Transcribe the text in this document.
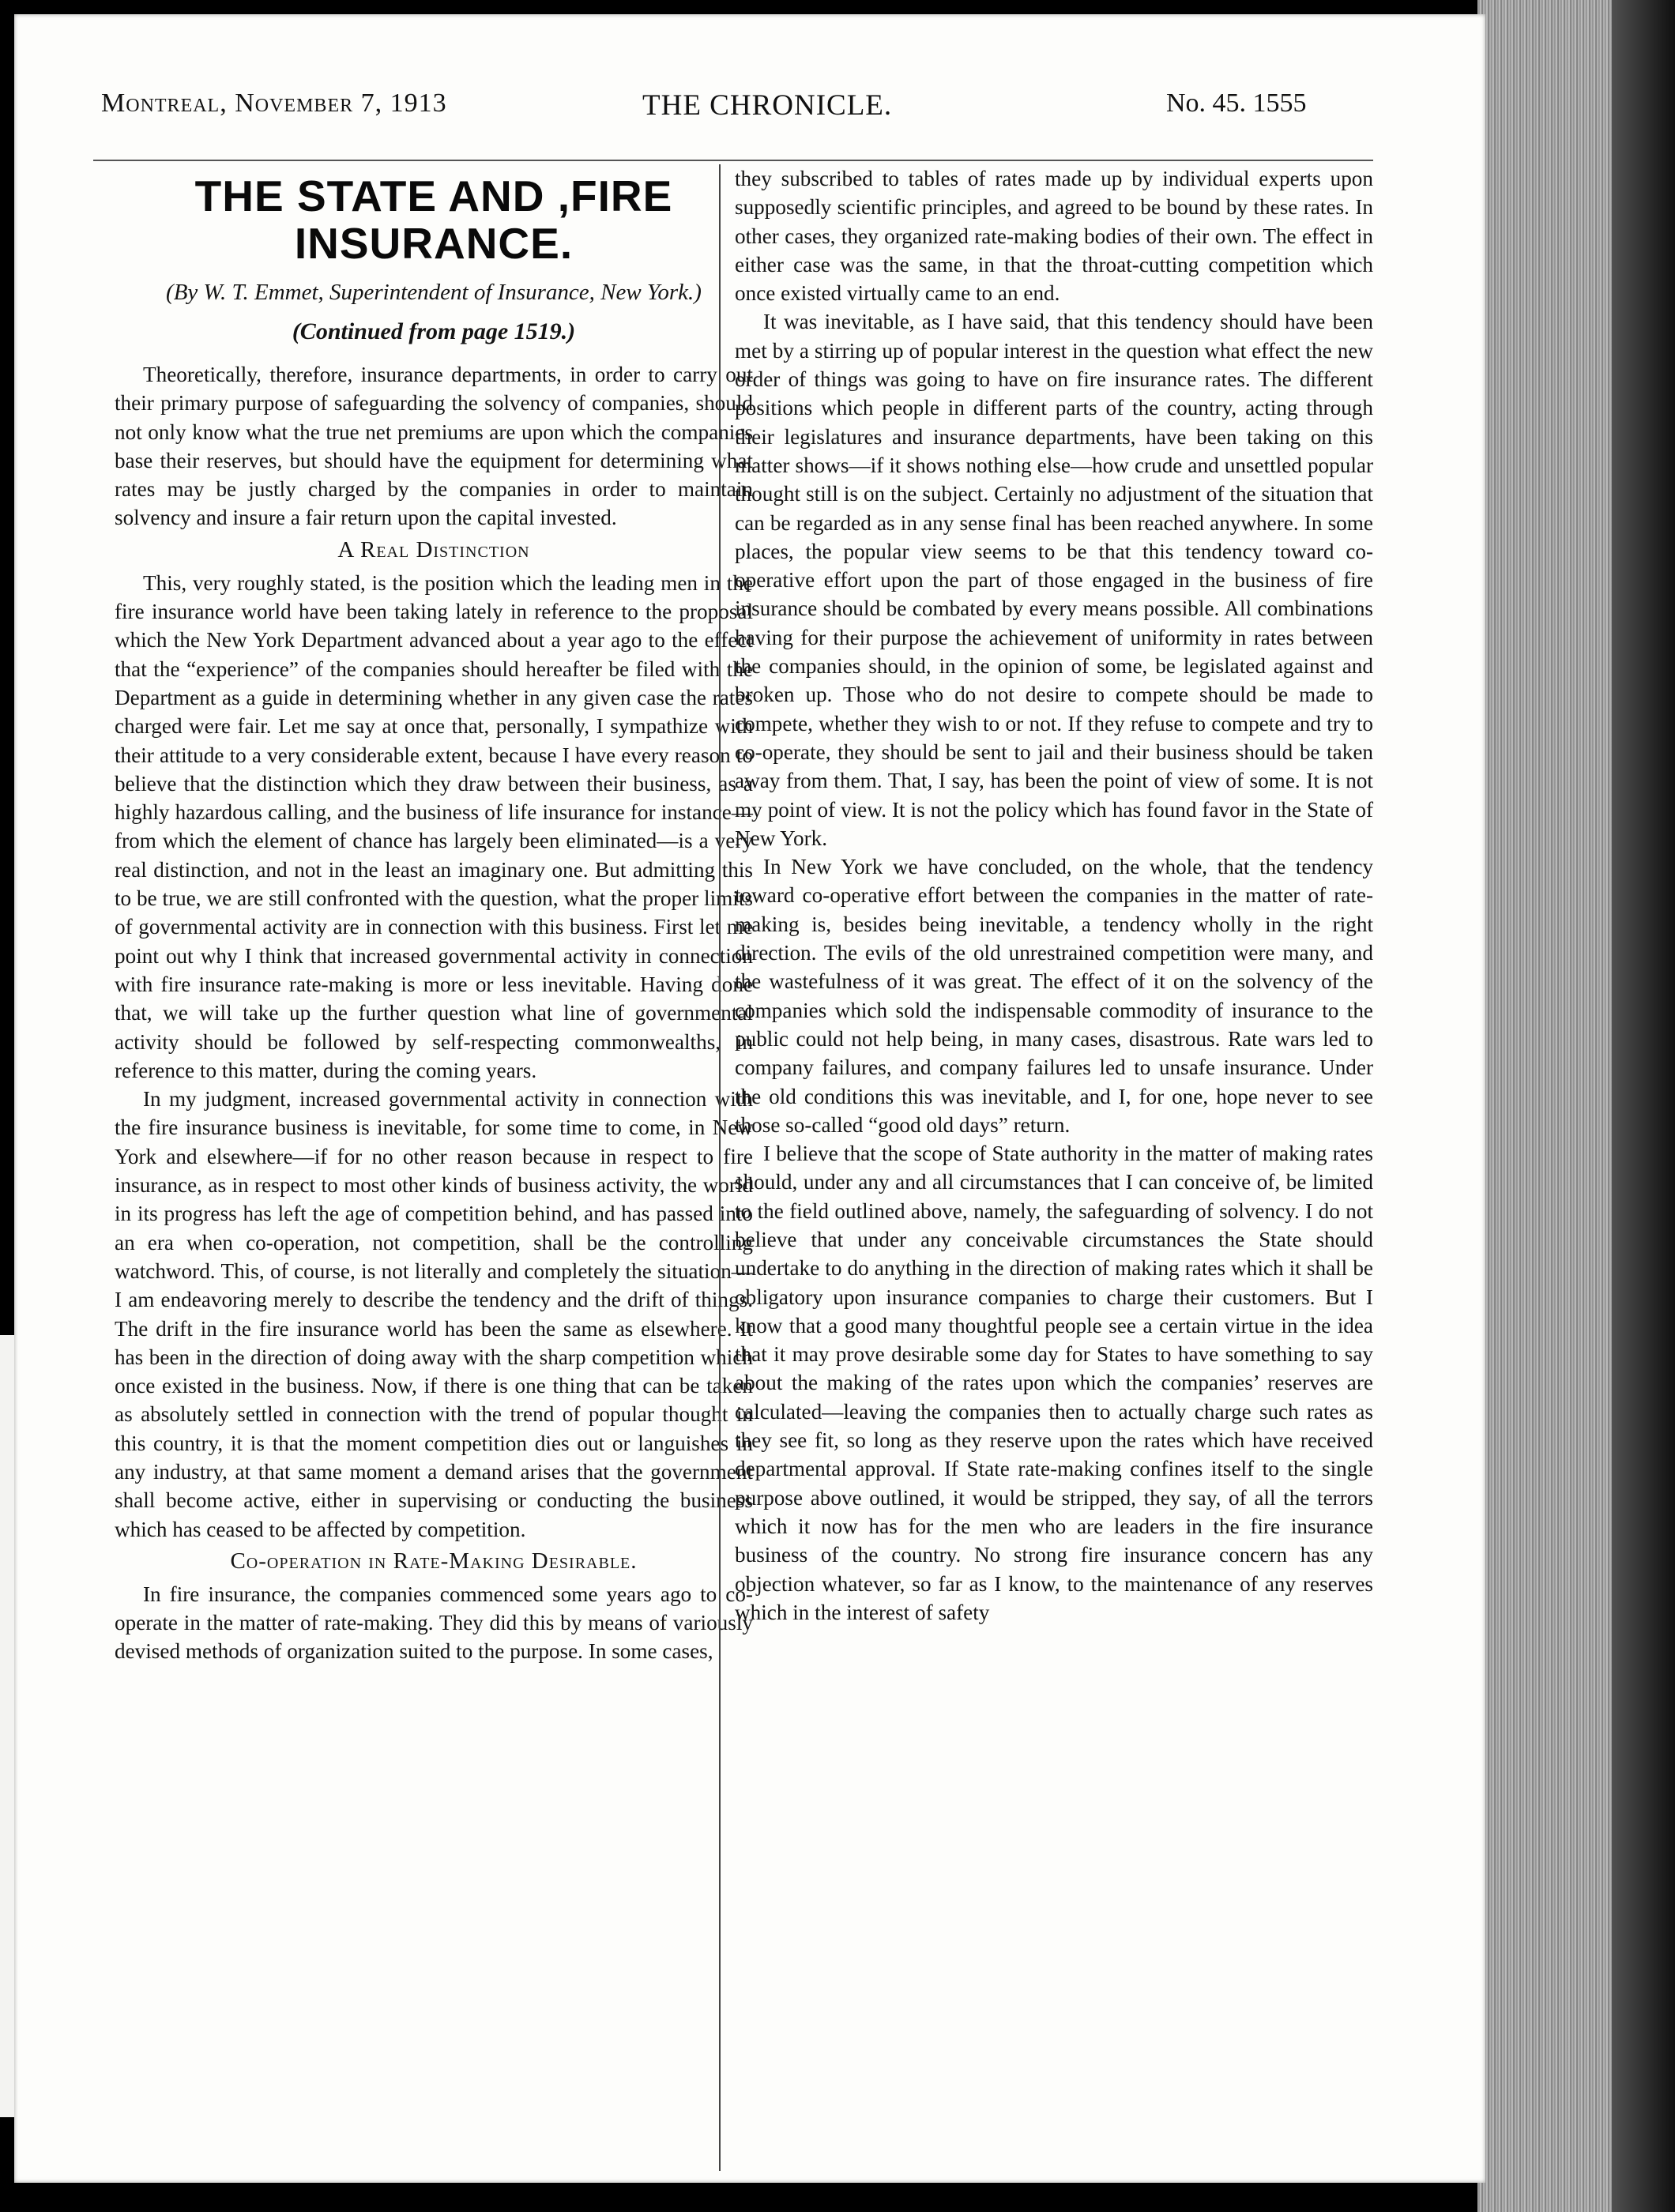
Montreal, November 7, 1913	THE CHRONICLE.	No. 45. 1555
THE STATE AND ,FIRE
INSURANCE.
(By W. T. Emmet, Superintendent of Insurance, New York.)
(Continued from page 1519.)

Theoretically, therefore, insurance departments, in order to carry out their primary purpose of safeguarding the solvency of companies, should not only know what the true net premiums are upon which the companies base their reserves, but should have the equipment for determining what rates may be justly charged by the companies in order to maintain solvency and insure a fair return upon the capital invested.

A Real Distinction

This, very roughly stated, is the position which the leading men in the fire insurance world have been taking lately in reference to the proposal which the New York Department advanced about a year ago to the effect that the “experience” of the companies should hereafter be filed with the Department as a guide in determining whether in any given case the rates charged were fair. Let me say at once that, personally, I sympathize with their attitude to a very considerable extent, because I have every reason to believe that the distinction which they draw between their business, as a highly hazardous calling, and the business of life insurance for instance—from which the element of chance has largely been eliminated—is a very real distinction, and not in the least an imaginary one. But admitting this to be true, we are still confronted with the question, what the proper limits of governmental activity are in connection with this business. First let me point out why I think that increased governmental activity in connection with fire insurance rate-making is more or less inevitable. Having done that, we will take up the further question what line of governmental activity should be followed by self-respecting commonwealths, in reference to this matter, during the coming years.

In my judgment, increased governmental activity in connection with the fire insurance business is inevitable, for some time to come, in New York and elsewhere—if for no other reason because in respect to fire insurance, as in respect to most other kinds of business activity, the world in its progress has left the age of competition behind, and has passed into an era when co-operation, not competition, shall be the controlling watchword. This, of course, is not literally and completely the situation—I am endeavoring merely to describe the tendency and the drift of things. The drift in the fire insurance world has been the same as elsewhere. It has been in the direction of doing away with the sharp competition which once existed in the business. Now, if there is one thing that can be taken as absolutely settled in connection with the trend of popular thought in this country, it is that the moment competition dies out or languishes in any industry, at that same moment a demand arises that the government shall become active, either in supervising or conducting the business which has ceased to be affected by competition.

Co-operation in Rate-Making Desirable.

In fire insurance, the companies commenced some years ago to co-operate in the matter of rate-making. They did this by means of variously devised methods of organization suited to the purpose. In some cases,

they subscribed to tables of rates made up by individual experts upon supposedly scientific principles, and agreed to be bound by these rates. In other cases, they organized rate-making bodies of their own. The effect in either case was the same, in that the throat-cutting competition which once existed virtually came to an end.

It was inevitable, as I have said, that this tendency should have been met by a stirring up of popular interest in the question what effect the new order of things was going to have on fire insurance rates. The different positions which people in different parts of the country, acting through their legislatures and insurance departments, have been taking on this matter shows—if it shows nothing else—how crude and unsettled popular thought still is on the subject. Certainly no adjustment of the situation that can be regarded as in any sense final has been reached anywhere. In some places, the popular view seems to be that this tendency toward co-operative effort upon the part of those engaged in the business of fire insurance should be combated by every means possible. All combinations having for their purpose the achievement of uniformity in rates between the companies should, in the opinion of some, be legislated against and broken up. Those who do not desire to compete should be made to compete, whether they wish to or not. If they refuse to compete and try to co-operate, they should be sent to jail and their business should be taken away from them. That, I say, has been the point of view of some. It is not my point of view. It is not the policy which has found favor in the State of New York.

In New York we have concluded, on the whole, that the tendency toward co-operative effort between the companies in the matter of rate-making is, besides being inevitable, a tendency wholly in the right direction. The evils of the old unrestrained competition were many, and the wastefulness of it was great. The effect of it on the solvency of the companies which sold the indispensable commodity of insurance to the public could not help being, in many cases, disastrous. Rate wars led to company failures, and company failures led to unsafe insurance. Under the old conditions this was inevitable, and I, for one, hope never to see those so-called “good old days” return.

I believe that the scope of State authority in the matter of making rates should, under any and all circumstances that I can conceive of, be limited to the field outlined above, namely, the safeguarding of solvency. I do not believe that under any conceivable circumstances the State should undertake to do anything in the direction of making rates which it shall be obligatory upon insurance companies to charge their customers. But I know that a good many thoughtful people see a certain virtue in the idea that it may prove desirable some day for States to have something to say about the making of the rates upon which the companies’ reserves are calculated—leaving the companies then to actually charge such rates as they see fit, so long as they reserve upon the rates which have received departmental approval. If State rate-making confines itself to the single purpose above outlined, it would be stripped, they say, of all the terrors which it now has for the men who are leaders in the fire insurance business of the country. No strong fire insurance concern has any objection whatever, so far as I know, to the maintenance of any reserves which in the interest of safety
